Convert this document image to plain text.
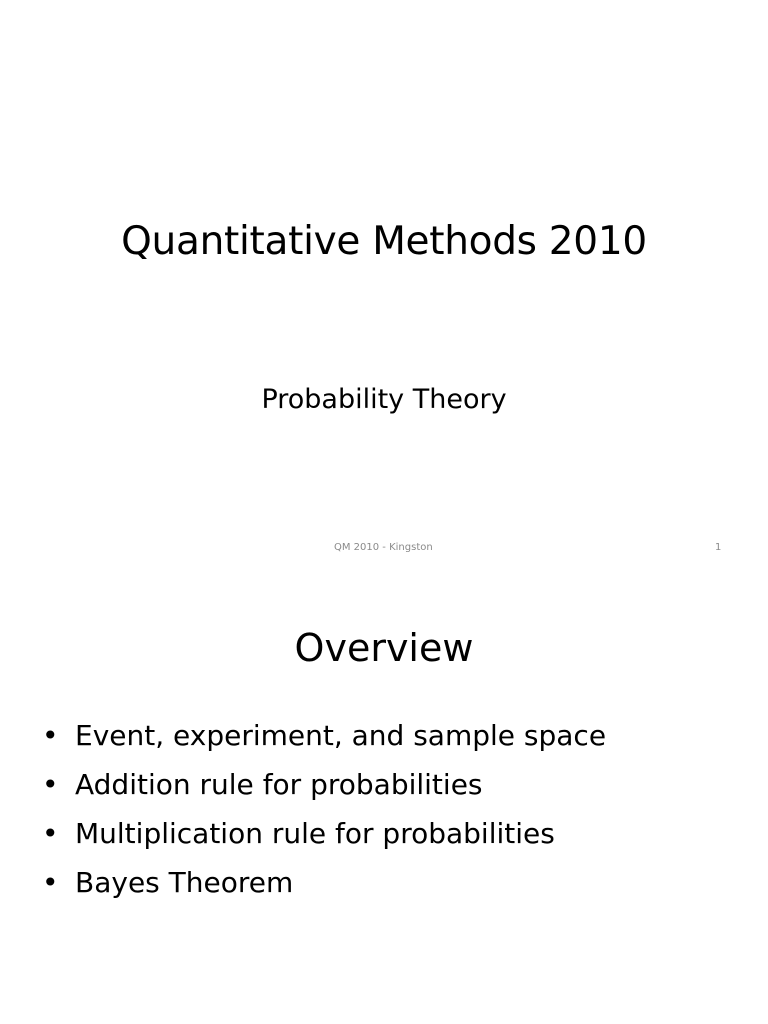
Quantitative Methods 2010
Probability Theory
QM 2010 - Kingston	1
Overview
• Event, experiment, and sample space
• Addition rule for probabilities
• Multiplication rule for probabilities
• Bayes Theorem
